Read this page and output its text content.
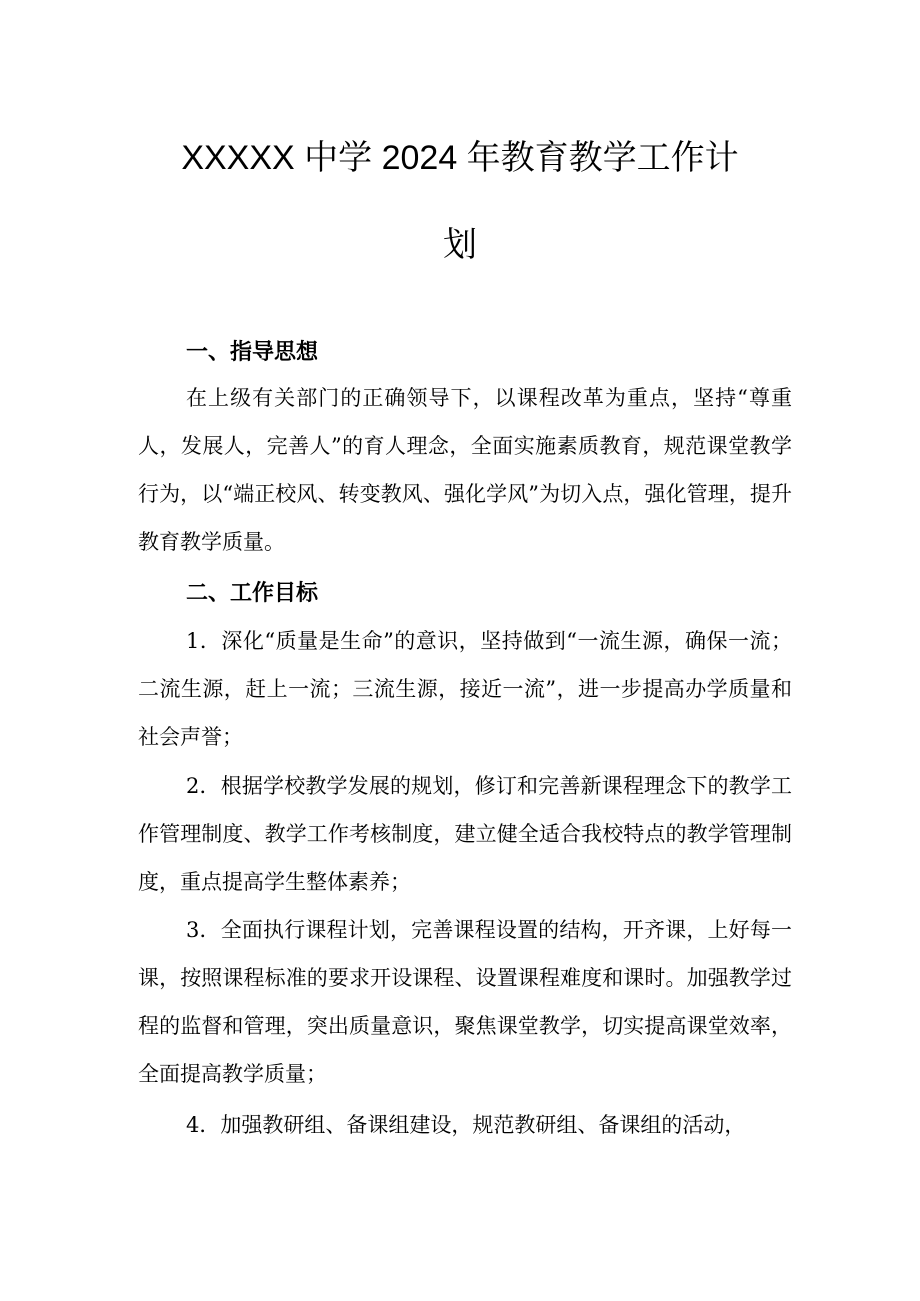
XXXXX 中学 2024 年教育教学工作计
划
一、指导思想

在上级有关部门的正确领导下，以课程改革为重点，坚持“尊重人，发展人，完善人”的育人理念，全面实施素质教育，规范课堂教学行为，以“端正校风、转变教风、强化学风”为切入点，强化管理，提升教育教学质量。

二、工作目标

1．深化“质量是生命”的意识，坚持做到“一流生源，确保一流；二流生源，赶上一流；三流生源，接近一流”，进一步提高办学质量和社会声誉；

2．根据学校教学发展的规划，修订和完善新课程理念下的教学工作管理制度、教学工作考核制度，建立健全适合我校特点的教学管理制度，重点提高学生整体素养；

3．全面执行课程计划，完善课程设置的结构，开齐课，上好每一课，按照课程标准的要求开设课程、设置课程难度和课时。加强教学过程的监督和管理，突出质量意识，聚焦课堂教学，切实提高课堂效率，全面提高教学质量；

4．加强教研组、备课组建设，规范教研组、备课组的活动，
